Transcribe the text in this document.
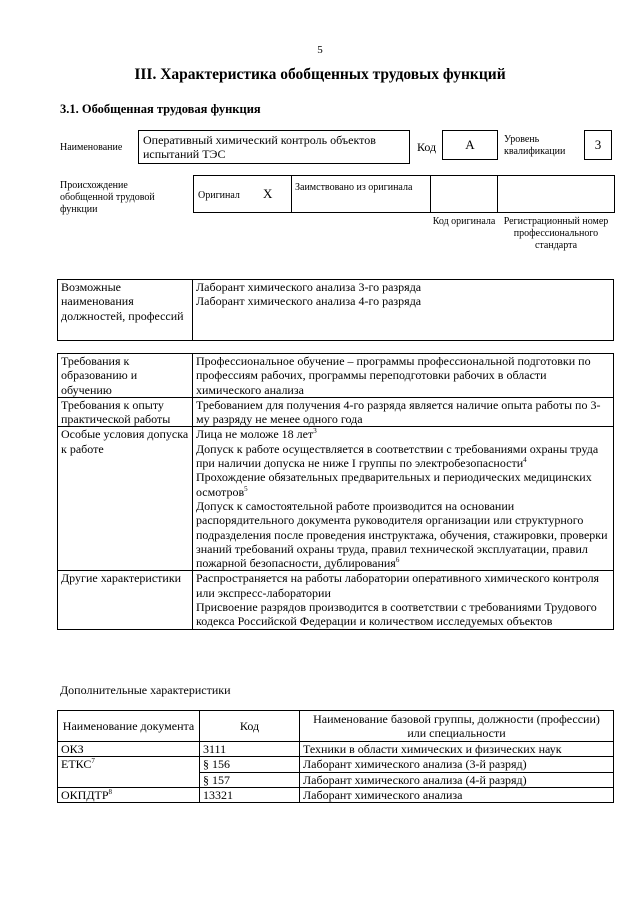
5
III. Характеристика обобщенных трудовых функций
3.1. Обобщенная трудовая функция
Наименование
Оперативный химический контроль объектов испытаний ТЭС	Код	А	Уровень квалификации	3
Происхождение обобщенной трудовой функции
Оригинал X Заимствовано из оригинала
Код оригинала Регистрационный номер профессионального стандарта
Возможные наименования должностей, профессий	
Лаборант химического анализа 3-го разряда
Лаборант химического анализа 4-го разряда
Требования к образованию и обучению	Профессиональное обучение – программы профессиональной подготовки по профессиям рабочих, программы переподготовки рабочих в области химического анализа
Требования к опыту практической работы	Требованием для получения 4-го разряда является наличие опыта работы по 3-му разряду не менее одного года
Особые условия допуска к работе	Лица не моложе 18 лет$^3$
Допуск к работе осуществляется в соответствии с требованиями охраны труда при наличии допуска не ниже I группы по электробезопасности$^4$
Прохождение обязательных предварительных и периодических медицинских осмотров$^5$
Допуск к самостоятельной работе производится на основании распорядительного документа руководителя организации или структурного подразделения после проведения инструктажа, обучения, стажировки, проверки знаний требований охраны труда, правил технической эксплуатации, правил пожарной безопасности, дублирования$^6$

Другие характеристики	Распространяется на работы лаборатории оперативного химического контроля или экспресс-лаборатории
Присвоение разрядов производится в соответствии с требованиями Трудового кодекса Российской Федерации и количеством исследуемых объектов
Дополнительные характеристики
Наименование документа	Код	Наименование базовой группы, должности (профессии) или специальности
ОКЗ	3111	Техники в области химических и физических наук
ЕТКС$^7$	§ 156	Лаборант химического анализа (3-й разряд)
	§ 157	Лаборант химического анализа (4-й разряд)
ОКПДТР$^8$	13321	Лаборант химического анализа
